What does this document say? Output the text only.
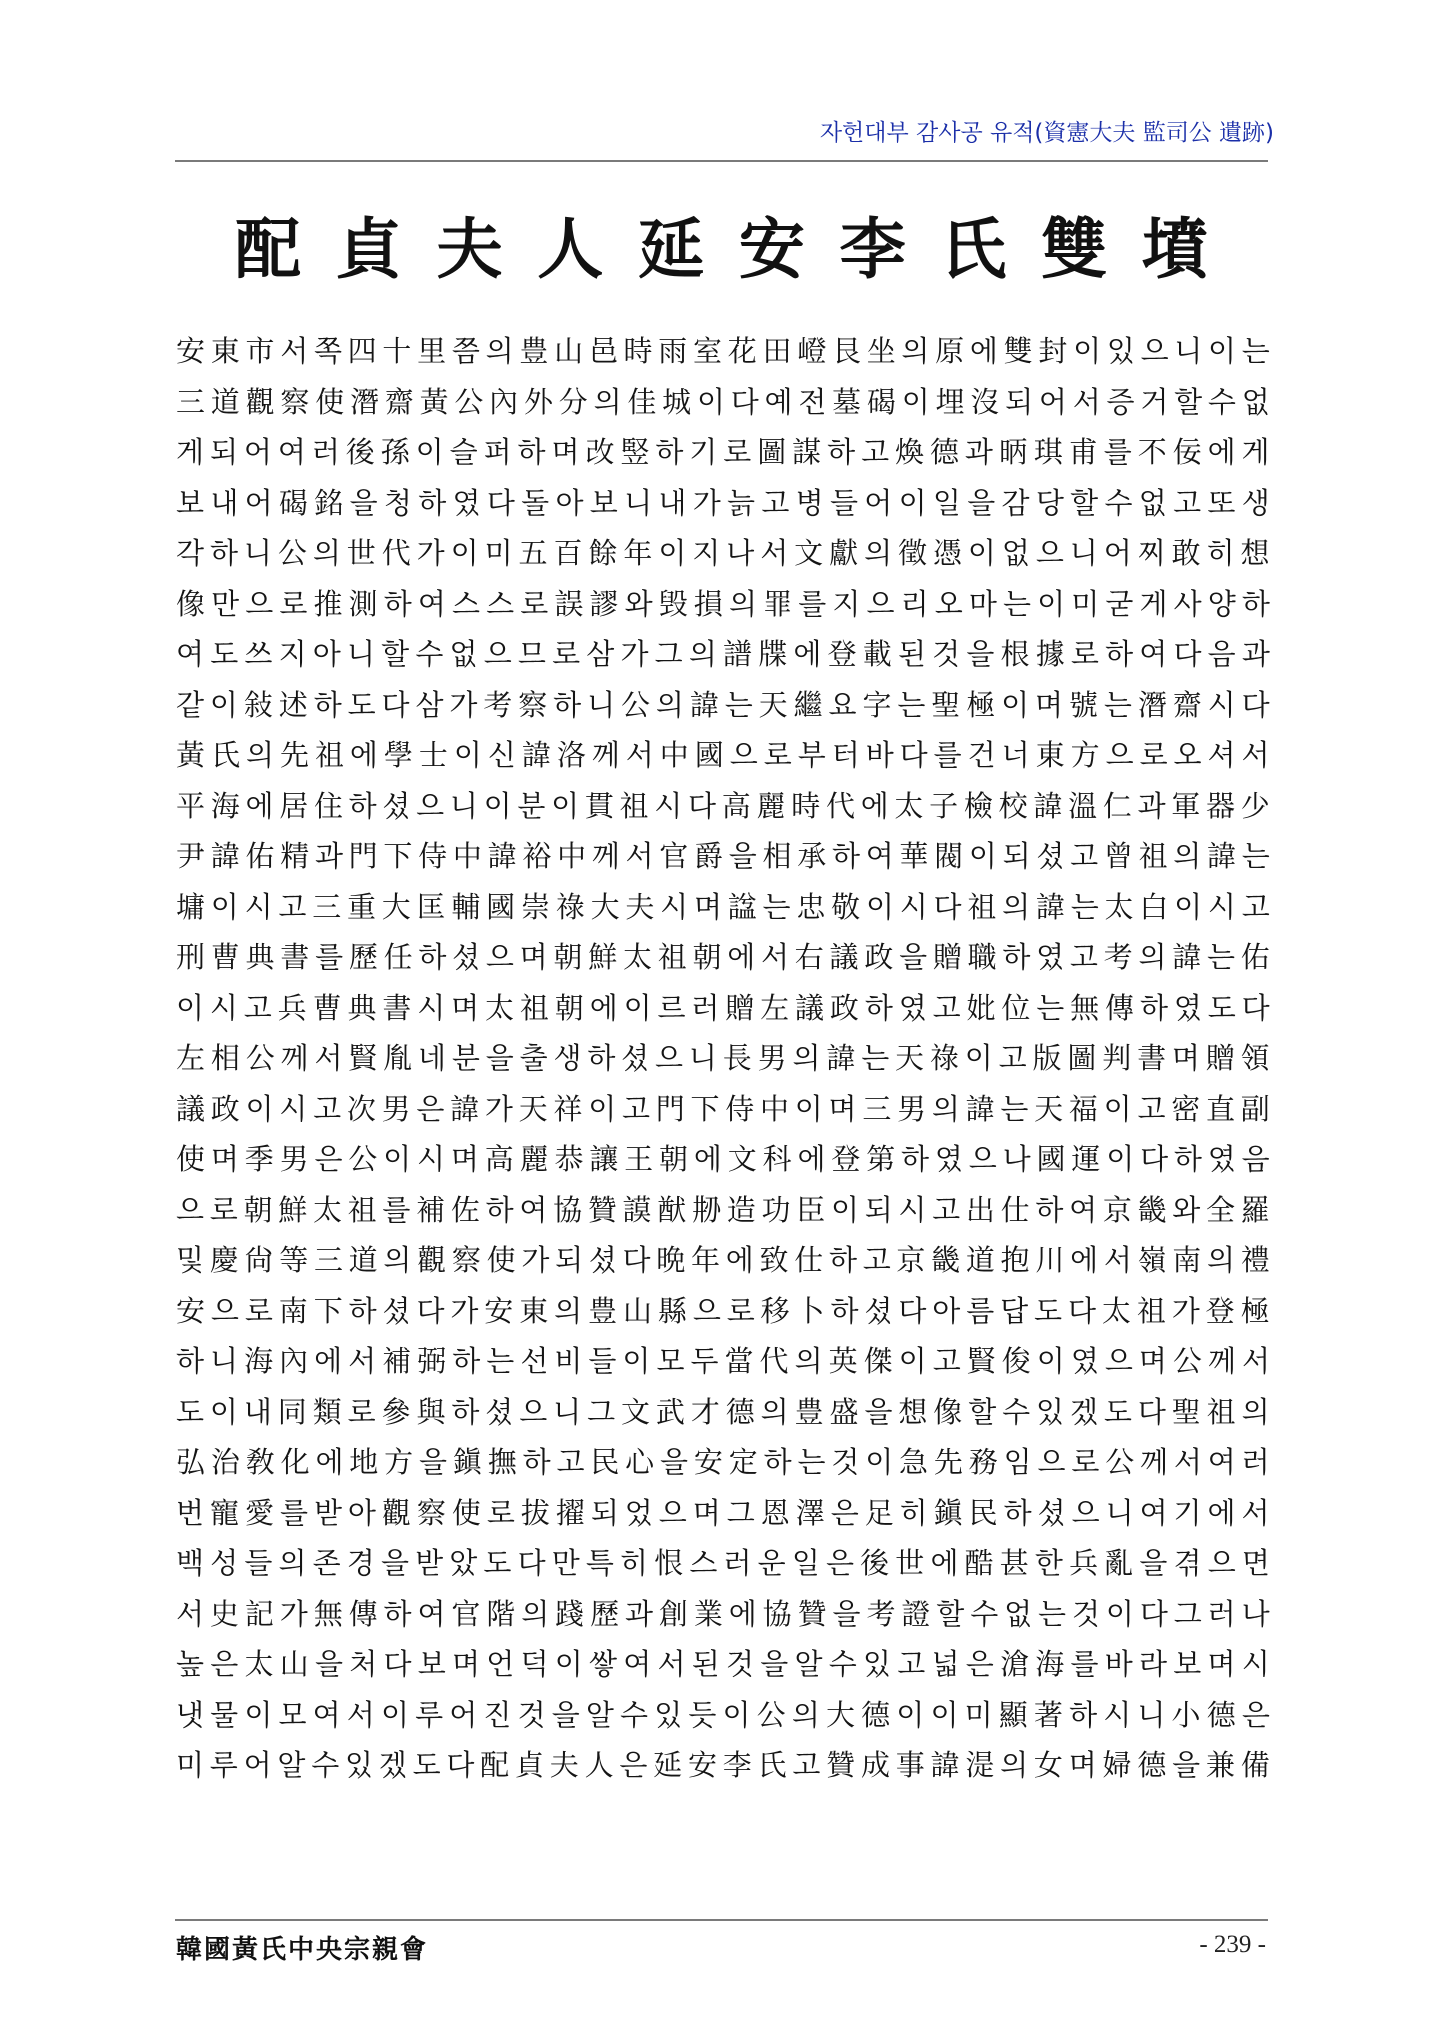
자헌대부 감사공 유적(資憲大夫 監司公 遺跡)
配 貞 夫 人 延 安 李 氏 雙 墳
安 東 市 서 쪽 四 十 里 쯤 의 豊 山 邑 時 雨 室 花 田 嶝 艮 坐 의 原 에 雙 封 이 있 으 니 이 는
三 道 觀 察 使 潛 齋 黃 公 內 外 分 의 佳 城 이 다 예 전 墓 碣 이 埋 沒 되 어 서 증 거 할 수 없
게 되 어 여 러 後 孫 이 슬 퍼 하 며 改 竪 하 기 로 圖 謀 하 고 煥 德 과 昞 琪 甫 를 不 佞 에 게
보 내 어 碣 銘 을 청 하 였 다 돌 아 보 니 내 가 늙 고 병 들 어 이 일 을 감 당 할 수 없 고 또 생
각 하 니 公 의 世 代 가 이 미 五 百 餘 年 이 지 나 서 文 獻 의 徵 憑 이 없 으 니 어 찌 敢 히 想
像 만 으 로 推 測 하 여 스 스 로 誤 謬 와 毁 損 의 罪 를 지 으 리 오 마 는 이 미 굳 게 사 양 하
여 도 쓰 지 아 니 할 수 없 으 므 로 삼 가 그 의 譜 牒 에 登 載 된 것 을 根 據 로 하 여 다 음 과
같 이 敍 述 하 도 다 삼 가 考 察 하 니 公 의 諱 는 天 繼 요 字 는 聖 極 이 며 號 는 潛 齋 시 다
黃 氏 의 先 祖 에 學 士 이 신 諱 洛 께 서 中 國 으 로 부 터 바 다 를 건 너 東 方 으 로 오 셔 서
平 海 에 居 住 하 셨 으 니 이 분 이 貫 祖 시 다 高 麗 時 代 에 太 子 檢 校 諱 溫 仁 과 軍 器 少
尹 諱 佑 精 과 門 下 侍 中 諱 裕 中 께 서 官 爵 을 相 承 하 여 華 閥 이 되 셨 고 曾 祖 의 諱 는
墉 이 시 고 三 重 大 匡 輔 國 崇 祿 大 夫 시 며 諡 는 忠 敬 이 시 다 祖 의 諱 는 太 白 이 시 고
刑 曹 典 書 를 歷 任 하 셨 으 며 朝 鮮 太 祖 朝 에 서 右 議 政 을 贈 職 하 였 고 考 의 諱 는 佑
이 시 고 兵 曹 典 書 시 며 太 祖 朝 에 이 르 러 贈 左 議 政 하 였 고 妣 位 는 無 傳 하 였 도 다
左 相 公 께 서 賢 胤 네 분 을 출 생 하 셨 으 니 長 男 의 諱 는 天 祿 이 고 版 圖 判 書 며 贈 領
議 政 이 시 고 次 男 은 諱 가 天 祥 이 고 門 下 侍 中 이 며 三 男 의 諱 는 天 福 이 고 密 直 副
使 며 季 男 은 公 이 시 며 高 麗 恭 讓 王 朝 에 文 科 에 登 第 하 였 으 나 國 運 이 다 하 였 음
으 로 朝 鮮 太 祖 를 補 佐 하 여 協 贊 謨 猷 刱 造 功 臣 이 되 시 고 出 仕 하 여 京 畿 와 全 羅
및 慶 尙 等 三 道 의 觀 察 使 가 되 셨 다 晩 年 에 致 仕 하 고 京 畿 道 抱 川 에 서 嶺 南 의 禮
安 으 로 南 下 하 셨 다 가 安 東 의 豊 山 縣 으 로 移 卜 하 셨 다 아 름 답 도 다 太 祖 가 登 極
하 니 海 內 에 서 補 弼 하 는 선 비 들 이 모 두 當 代 의 英 傑 이 고 賢 俊 이 였 으 며 公 께 서
도 이 내 同 類 로 參 與 하 셨 으 니 그 文 武 才 德 의 豊 盛 을 想 像 할 수 있 겠 도 다 聖 祖 의
弘 治 敎 化 에 地 方 을 鎭 撫 하 고 民 心 을 安 定 하 는 것 이 急 先 務 임 으 로 公 께 서 여 러
번 寵 愛 를 받 아 觀 察 使 로 拔 擢 되 었 으 며 그 恩 澤 은 足 히 鎭 民 하 셨 으 니 여 기 에 서
백 성 들 의 존 경 을 받 았 도 다 만 특 히 恨 스 러 운 일 은 後 世 에 酷 甚 한 兵 亂 을 겪 으 면
서 史 記 가 無 傳 하 여 官 階 의 踐 歷 과 創 業 에 協 贊 을 考 證 할 수 없 는 것 이 다 그 러 나
높 은 太 山 을 처 다 보 며 언 덕 이 쌓 여 서 된 것 을 알 수 있 고 넓 은 滄 海 를 바 라 보 며 시
냇 물 이 모 여 서 이 루 어 진 것 을 알 수 있 듯 이 公 의 大 德 이 이 미 顯 著 하 시 니 小 德 은
미 루 어 알 수 있 겠 도 다 配 貞 夫 人 은 延 安 李 氏 고 贊 成 事 諱 湜 의 女 며 婦 德 을 兼 備
韓國黃氏中央宗親會	- 239 -
